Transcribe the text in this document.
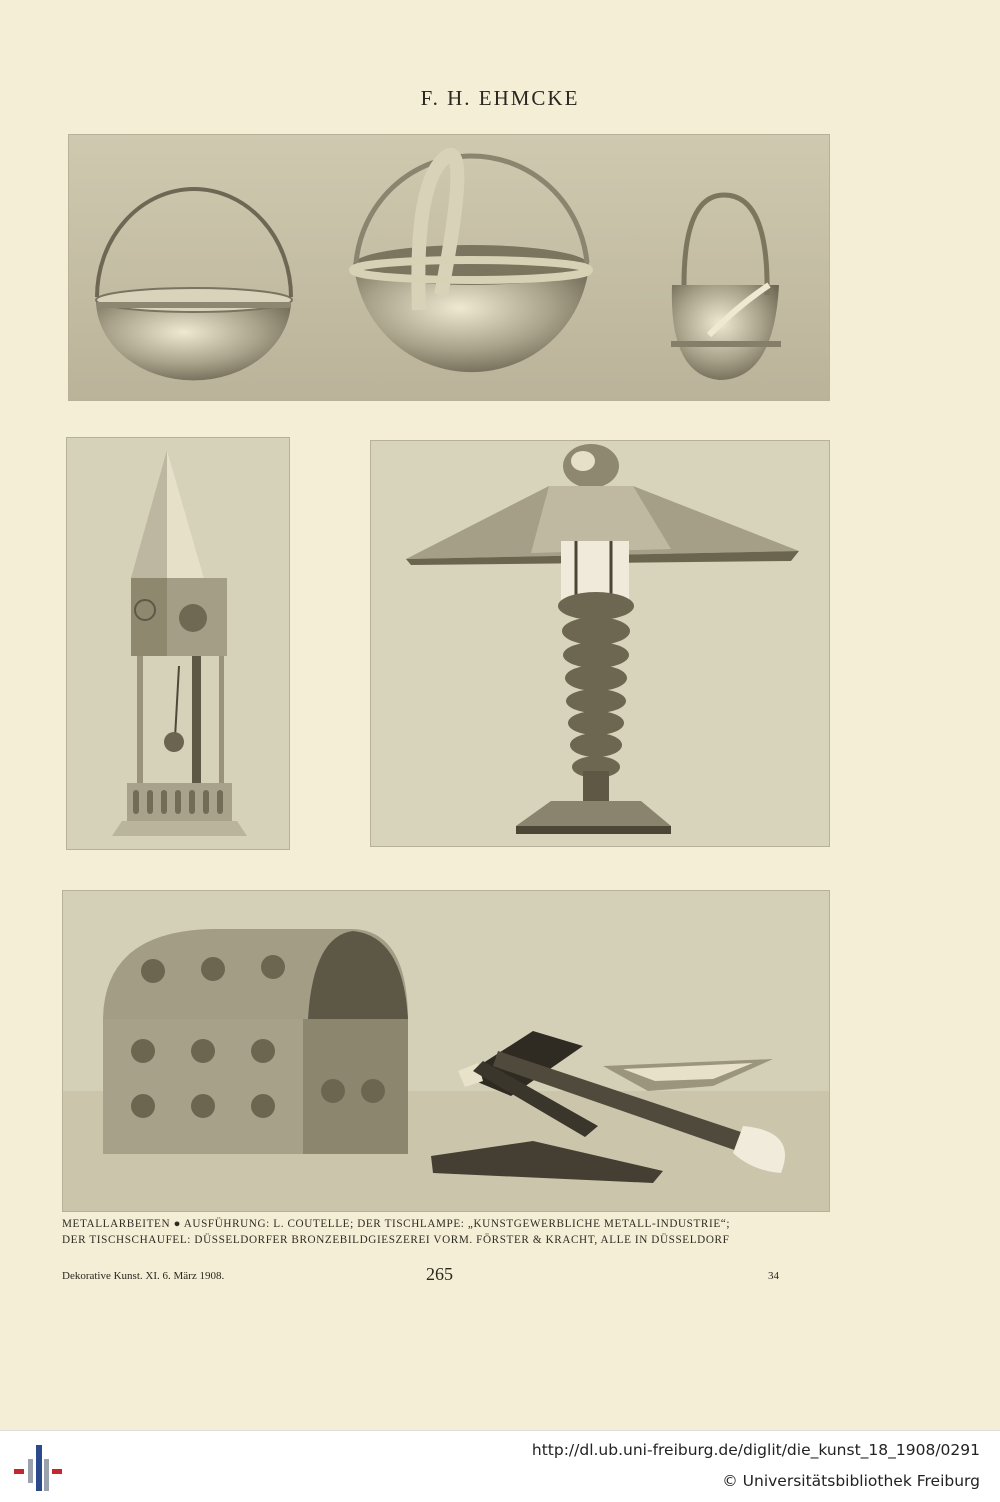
F. H. EHMCKE
METALLARBEITEN ● AUSFÜHRUNG: L. COUTELLE; DER TISCHLAMPE: „KUNSTGEWERBLICHE METALL-INDUSTRIE“;
DER TISCHSCHAUFEL: DÜSSELDORFER BRONZEBILDGIESZEREI VORM. FÖRSTER & KRACHT, ALLE IN DÜSSELDORF
Dekorative Kunst. XI. 6. März 1908.	265	34
http://dl.ub.uni-freiburg.de/diglit/die_kunst_18_1908/0291
© Universitätsbibliothek Freiburg
